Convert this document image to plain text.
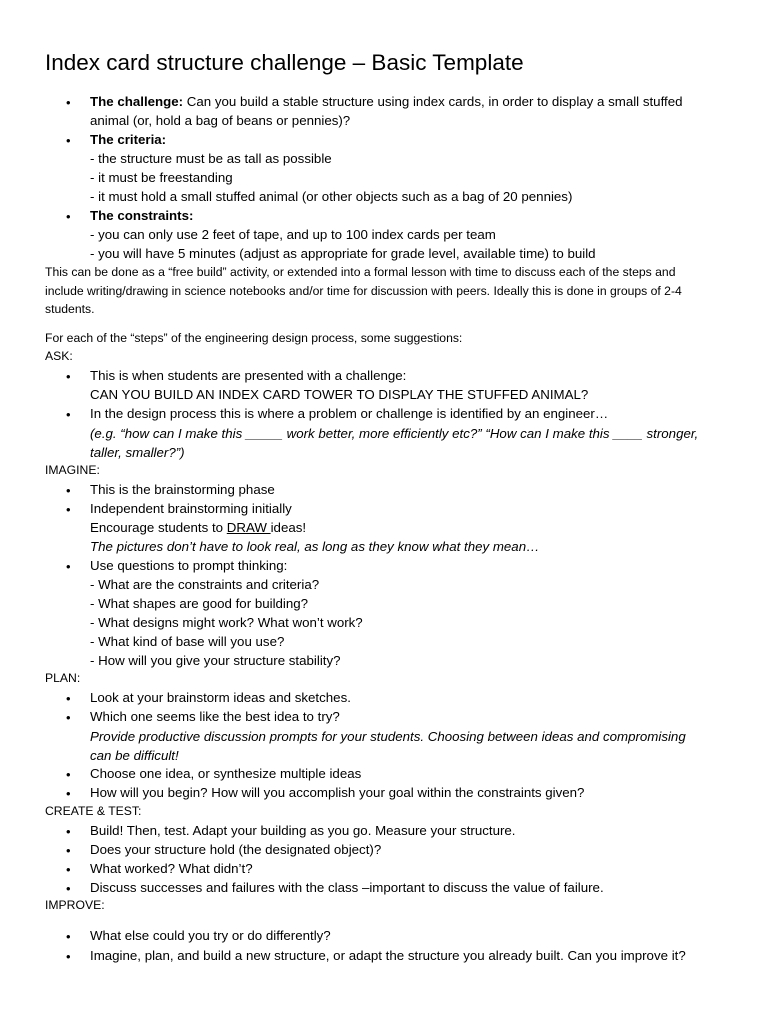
Index card structure challenge – Basic Template
• The challenge: Can you build a stable structure using index cards, in order to display a small stuffed
animal (or, hold a bag of beans or pennies)?
• The criteria:
- the structure must be as tall as possible
- it must be freestanding
- it must hold a small stuffed animal (or other objects such as a bag of 20 pennies)
• The constraints:
- you can only use 2 feet of tape, and up to 100 index cards per team
- you will have 5 minutes (adjust as appropriate for grade level, available time) to build
This can be done as a “free build” activity, or extended into a formal lesson with time to discuss each of the steps and
include writing/drawing in science notebooks and/or time for discussion with peers. Ideally this is done in groups of 2-4
students.
For each of the “steps” of the engineering design process, some suggestions:
ASK:
• This is when students are presented with a challenge:
CAN YOU BUILD AN INDEX CARD TOWER TO DISPLAY THE STUFFED ANIMAL?
• In the design process this is where a problem or challenge is identified by an engineer…
(e.g. “how can I make this _____ work better, more efficiently etc?” “How can I make this ____ stronger,
taller, smaller?”)
IMAGINE:
• This is the brainstorming phase
• Independent brainstorming initially
Encourage students to DRAW ideas!
The pictures don’t have to look real, as long as they know what they mean…
• Use questions to prompt thinking:
- What are the constraints and criteria?
- What shapes are good for building?
- What designs might work? What won’t work?
- What kind of base will you use?
- How will you give your structure stability?
PLAN:
• Look at your brainstorm ideas and sketches.
• Which one seems like the best idea to try?
Provide productive discussion prompts for your students. Choosing between ideas and compromising
can be difficult!
• Choose one idea, or synthesize multiple ideas
• How will you begin? How will you accomplish your goal within the constraints given?
CREATE & TEST:
• Build! Then, test. Adapt your building as you go. Measure your structure.
• Does your structure hold (the designated object)?
• What worked? What didn’t?
• Discuss successes and failures with the class –important to discuss the value of failure.
IMPROVE:
• What else could you try or do differently?
• Imagine, plan, and build a new structure, or adapt the structure you already built. Can you improve it?
